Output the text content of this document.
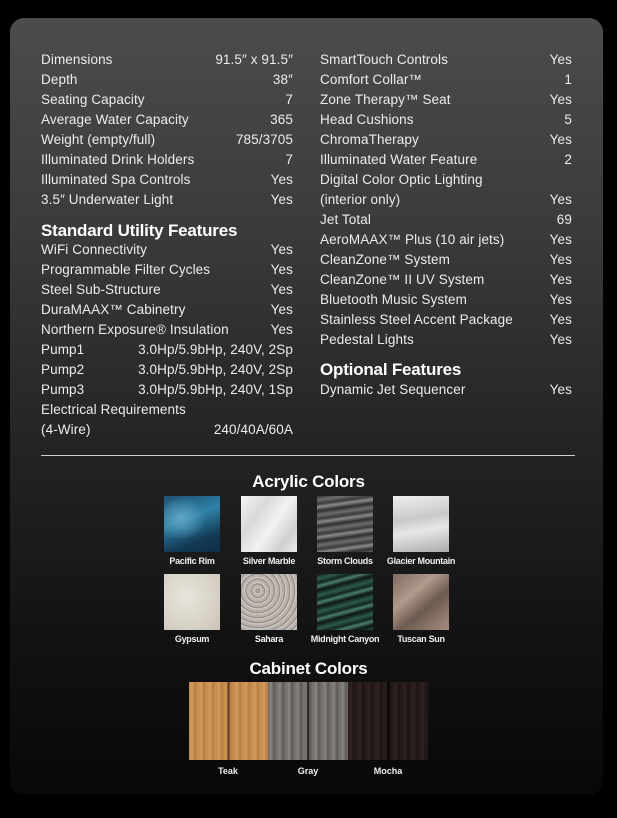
Dimensions	91.5″ x 91.5″
Depth	38″
Seating Capacity	7
Average Water Capacity	365
Weight (empty/full)	785/3705
Illuminated Drink Holders	7
Illuminated Spa Controls	Yes
3.5″ Underwater Light	Yes
Standard Utility Features
WiFi Connectivity	Yes
Programmable Filter Cycles	Yes
Steel Sub-Structure	Yes
DuraMAAX™ Cabinetry	Yes
Northern Exposure® Insulation	Yes
Pump1	3.0Hp/5.9bHp, 240V, 2Sp
Pump2	3.0Hp/5.9bHp, 240V, 2Sp
Pump3	3.0Hp/5.9bHp, 240V, 1Sp
Electrical Requirements
(4-Wire)	240/40A/60A
SmartTouch Controls	Yes
Comfort Collar™	1
Zone Therapy™ Seat	Yes
Head Cushions	5
ChromaTherapy	Yes
Illuminated Water Feature	2
Digital Color Optic Lighting
(interior only)	Yes
Jet Total	69
AeroMAAX™ Plus (10 air jets)	Yes
CleanZone™ System	Yes
CleanZone™ II UV System	Yes
Bluetooth Music System	Yes
Stainless Steel Accent Package	Yes
Pedestal Lights	Yes
Optional Features
Dynamic Jet Sequencer	Yes
Acrylic Colors
Pacific Rim	Silver Marble	Storm Clouds	Glacier Mountain
Gypsum	Sahara	Midnight Canyon	Tuscan Sun
Cabinet Colors
Teak	Gray	Mocha
